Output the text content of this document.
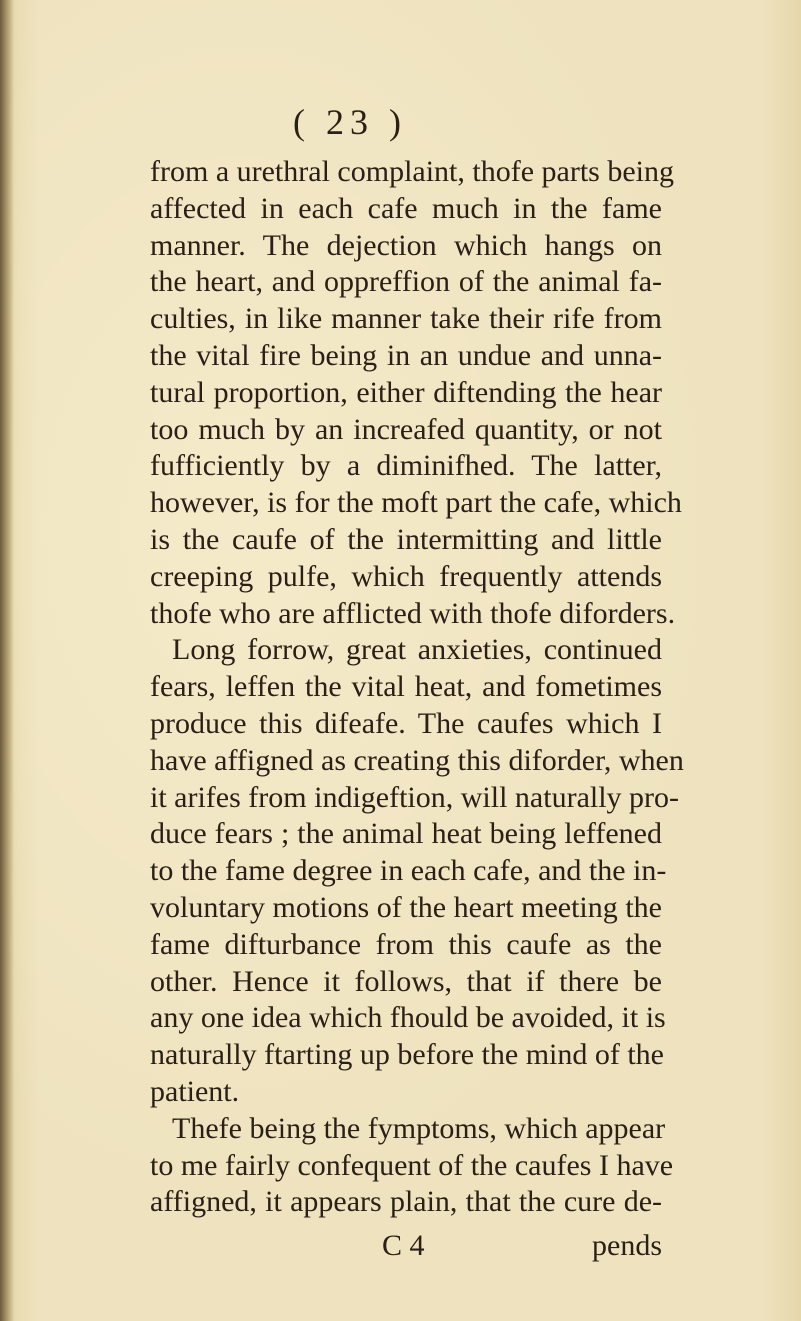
( 23 )
from a urethral complaint, thofe parts being
affected in each cafe much in the fame
manner. The dejection which hangs on
the heart, and oppreffion of the animal fa-
culties, in like manner take their rife from
the vital fire being in an undue and unna-
tural proportion, either diftending the hear
too much by an increafed quantity, or not
fufficiently by a diminifhed. The latter,
however, is for the moft part the cafe, which
is the caufe of the intermitting and little
creeping pulfe, which frequently attends
thofe who are afflicted with thofe diforders.
Long forrow, great anxieties, continued
fears, leffen the vital heat, and fometimes
produce this difeafe. The caufes which I
have affigned as creating this diforder, when
it arifes from indigeftion, will naturally pro-
duce fears ; the animal heat being leffened
to the fame degree in each cafe, and the in-
voluntary motions of the heart meeting the
fame difturbance from this caufe as the
other. Hence it follows, that if there be
any one idea which fhould be avoided, it is
naturally ftarting up before the mind of the
patient.
Thefe being the fymptoms, which appear
to me fairly confequent of the caufes I have
affigned, it appears plain, that the cure de-
C 4	pends
